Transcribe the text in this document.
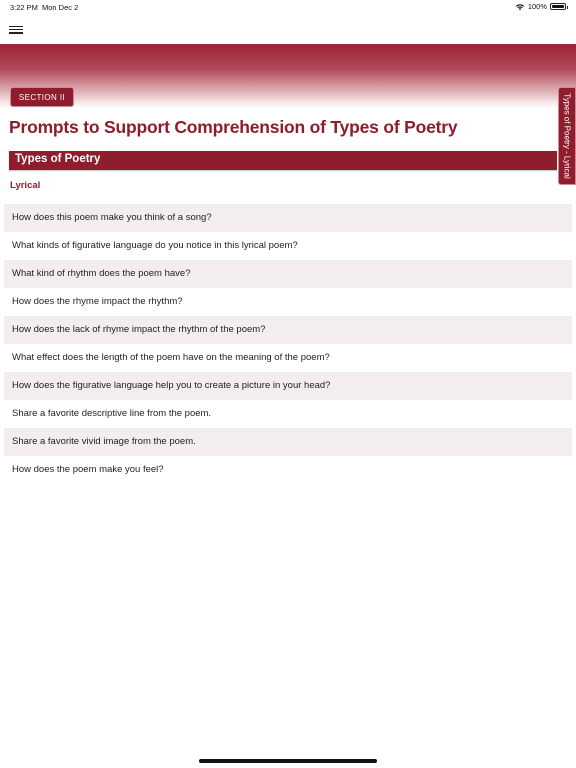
3:22 PM Mon Dec 2	100%
SECTION II	Types of Poetry - Lyrical
Prompts to Support Comprehension of Types of Poetry
Types of Poetry
Lyrical
How does this poem make you think of a song?
What kinds of figurative language do you notice in this lyrical poem?
What kind of rhythm does the poem have?
How does the rhyme impact the rhythm?
How does the lack of rhyme impact the rhythm of the poem?
What effect does the length of the poem have on the meaning of the poem?
How does the figurative language help you to create a picture in your head?
Share a favorite descriptive line from the poem.
Share a favorite vivid image from the poem.
How does the poem make you feel?
